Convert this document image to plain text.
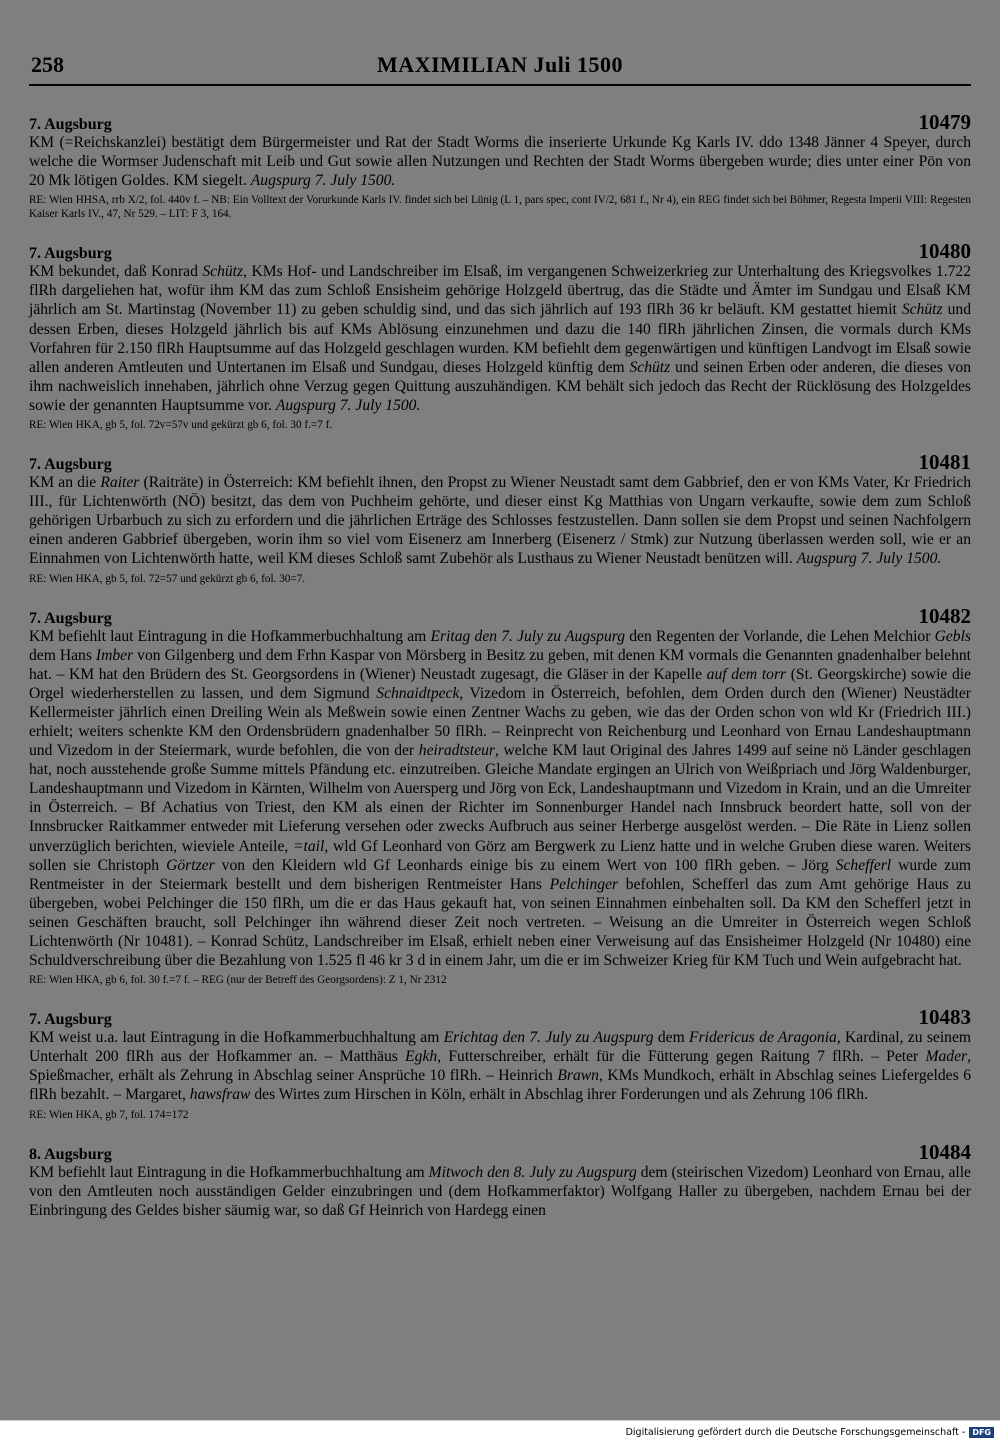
258	MAXIMILIAN Juli 1500
7. Augsburg	10479
KM (=Reichskanzlei) bestätigt dem Bürgermeister und Rat der Stadt Worms die inserierte Urkunde Kg Karls IV. ddo 1348 Jänner 4 Speyer, durch welche die Wormser Judenschaft mit Leib und Gut sowie allen Nutzungen und Rechten der Stadt Worms übergeben wurde; dies unter einer Pön von 20 Mk lötigen Goldes. KM siegelt. Augspurg 7. July 1500.
RE: Wien HHSA, rrb X/2, fol. 440v f. – NB: Ein Volltext der Vorurkunde Karls IV. findet sich bei Lünig (L 1, pars spec, cont IV/2, 681 f., Nr 4), ein REG findet sich bei Böhmer, Regesta Imperii VIII: Regesten Kaiser Karls IV., 47, Nr 529. – LIT: F 3, 164.
7. Augsburg	10480
KM bekundet, daß Konrad Schütz, KMs Hof- und Landschreiber im Elsaß, im vergangenen Schweizerkrieg zur Unterhaltung des Kriegsvolkes 1.722 flRh dargeliehen hat, wofür ihm KM das zum Schloß Ensisheim gehörige Holzgeld übertrug, das die Städte und Ämter im Sundgau und Elsaß KM jährlich am St. Martinstag (November 11) zu geben schuldig sind, und das sich jährlich auf 193 flRh 36 kr beläuft. KM gestattet hiemit Schütz und dessen Erben, dieses Holzgeld jährlich bis auf KMs Ablösung einzunehmen und dazu die 140 flRh jährlichen Zinsen, die vormals durch KMs Vorfahren für 2.150 flRh Hauptsumme auf das Holzgeld geschlagen wurden. KM befiehlt dem gegenwärtigen und künftigen Landvogt im Elsaß sowie allen anderen Amtleuten und Untertanen im Elsaß und Sundgau, dieses Holzgeld künftig dem Schütz und seinen Erben oder anderen, die dieses von ihm nachweislich innehaben, jährlich ohne Verzug gegen Quittung auszuhändigen. KM behält sich jedoch das Recht der Rücklösung des Holzgeldes sowie der genannten Hauptsumme vor. Augspurg 7. July 1500.
RE: Wien HKA, gb 5, fol. 72v=57v und gekürzt gb 6, fol. 30 f.=7 f.
7. Augsburg	10481
KM an die Raiter (Raiträte) in Österreich: KM befiehlt ihnen, den Propst zu Wiener Neustadt samt dem Gabbrief, den er von KMs Vater, Kr Friedrich III., für Lichtenwörth (NÖ) besitzt, das dem von Puchheim gehörte, und dieser einst Kg Matthias von Ungarn verkaufte, sowie dem zum Schloß gehörigen Urbarbuch zu sich zu erfordern und die jährlichen Erträge des Schlosses festzustellen. Dann sollen sie dem Propst und seinen Nachfolgern einen anderen Gabbrief übergeben, worin ihm so viel vom Eisenerz am Innerberg (Eisenerz / Stmk) zur Nutzung überlassen werden soll, wie er an Einnahmen von Lichtenwörth hatte, weil KM dieses Schloß samt Zubehör als Lusthaus zu Wiener Neustadt benützen will. Augspurg 7. July 1500.
RE: Wien HKA, gb 5, fol. 72=57 und gekürzt gb 6, fol. 30=7.
7. Augsburg	10482
KM befiehlt laut Eintragung in die Hofkammerbuchhaltung am Eritag den 7. July zu Augspurg den Regenten der Vorlande, die Lehen Melchior Gebls dem Hans Imber von Gilgenberg und dem Frhn Kaspar von Mörsberg in Besitz zu geben, mit denen KM vormals die Genannten gnadenhalber belehnt hat. – KM hat den Brüdern des St. Georgsordens in (Wiener) Neustadt zugesagt, die Gläser in der Kapelle auf dem torr (St. Georgskirche) sowie die Orgel wiederherstellen zu lassen, und dem Sigmund Schnaidtpeck, Vizedom in Österreich, befohlen, dem Orden durch den (Wiener) Neustädter Kellermeister jährlich einen Dreiling Wein als Meßwein sowie einen Zentner Wachs zu geben, wie das der Orden schon von wld Kr (Friedrich III.) erhielt; weiters schenkte KM den Ordensbrüdern gnadenhalber 50 flRh. – Reinprecht von Reichenburg und Leonhard von Ernau Landeshauptmann und Vizedom in der Steiermark, wurde befohlen, die von der heiradtsteur, welche KM laut Original des Jahres 1499 auf seine nö Länder geschlagen hat, noch ausstehende große Summe mittels Pfändung etc. einzutreiben. Gleiche Mandate ergingen an Ulrich von Weißpriach und Jörg Waldenburger, Landeshauptmann und Vizedom in Kärnten, Wilhelm von Auersperg und Jörg von Eck, Landeshauptmann und Vizedom in Krain, und an die Umreiter in Österreich. – Bf Achatius von Triest, den KM als einen der Richter im Sonnenburger Handel nach Innsbruck beordert hatte, soll von der Innsbrucker Raitkammer entweder mit Lieferung versehen oder zwecks Aufbruch aus seiner Herberge ausgelöst werden. – Die Räte in Lienz sollen unverzüglich berichten, wieviele Anteile, =tail, wld Gf Leonhard von Görz am Bergwerk zu Lienz hatte und in welche Gruben diese waren. Weiters sollen sie Christoph Görtzer von den Kleidern wld Gf Leonhards einige bis zu einem Wert von 100 flRh geben. – Jörg Schefferl wurde zum Rentmeister in der Steiermark bestellt und dem bisherigen Rentmeister Hans Pelchinger befohlen, Schefferl das zum Amt gehörige Haus zu übergeben, wobei Pelchinger die 150 flRh, um die er das Haus gekauft hat, von seinen Einnahmen einbehalten soll. Da KM den Schefferl jetzt in seinen Geschäften braucht, soll Pelchinger ihn während dieser Zeit noch vertreten. – Weisung an die Umreiter in Österreich wegen Schloß Lichtenwörth (Nr 10481). – Konrad Schütz, Landschreiber im Elsaß, erhielt neben einer Verweisung auf das Ensisheimer Holzgeld (Nr 10480) eine Schuldverschreibung über die Bezahlung von 1.525 fl 46 kr 3 d in einem Jahr, um die er im Schweizer Krieg für KM Tuch und Wein aufgebracht hat.
RE: Wien HKA, gb 6, fol. 30 f.=7 f. – REG (nur der Betreff des Georgsordens): Z 1, Nr 2312
7. Augsburg	10483
KM weist u.a. laut Eintragung in die Hofkammerbuchhaltung am Erichtag den 7. July zu Augspurg dem Fridericus de Aragonia, Kardinal, zu seinem Unterhalt 200 flRh aus der Hofkammer an. – Matthäus Egkh, Futterschreiber, erhält für die Fütterung gegen Raitung 7 flRh. – Peter Mader, Spießmacher, erhält als Zehrung in Abschlag seiner Ansprüche 10 flRh. – Heinrich Brawn, KMs Mundkoch, erhält in Abschlag seines Liefergeldes 6 flRh bezahlt. – Margaret, hawsfraw des Wirtes zum Hirschen in Köln, erhält in Abschlag ihrer Forderungen und als Zehrung 106 flRh.
RE: Wien HKA, gb 7, fol. 174=172
8. Augsburg	10484
KM befiehlt laut Eintragung in die Hofkammerbuchhaltung am Mitwoch den 8. July zu Augspurg dem (steirischen Vizedom) Leonhard von Ernau, alle von den Amtleuten noch ausständigen Gelder einzubringen und (dem Hofkammerfaktor) Wolfgang Haller zu übergeben, nachdem Ernau bei der Einbringung des Geldes bisher säumig war, so daß Gf Heinrich von Hardegg einen
Digitalisierung gefördert durch die Deutsche Forschungsgemeinschaft - DFG
